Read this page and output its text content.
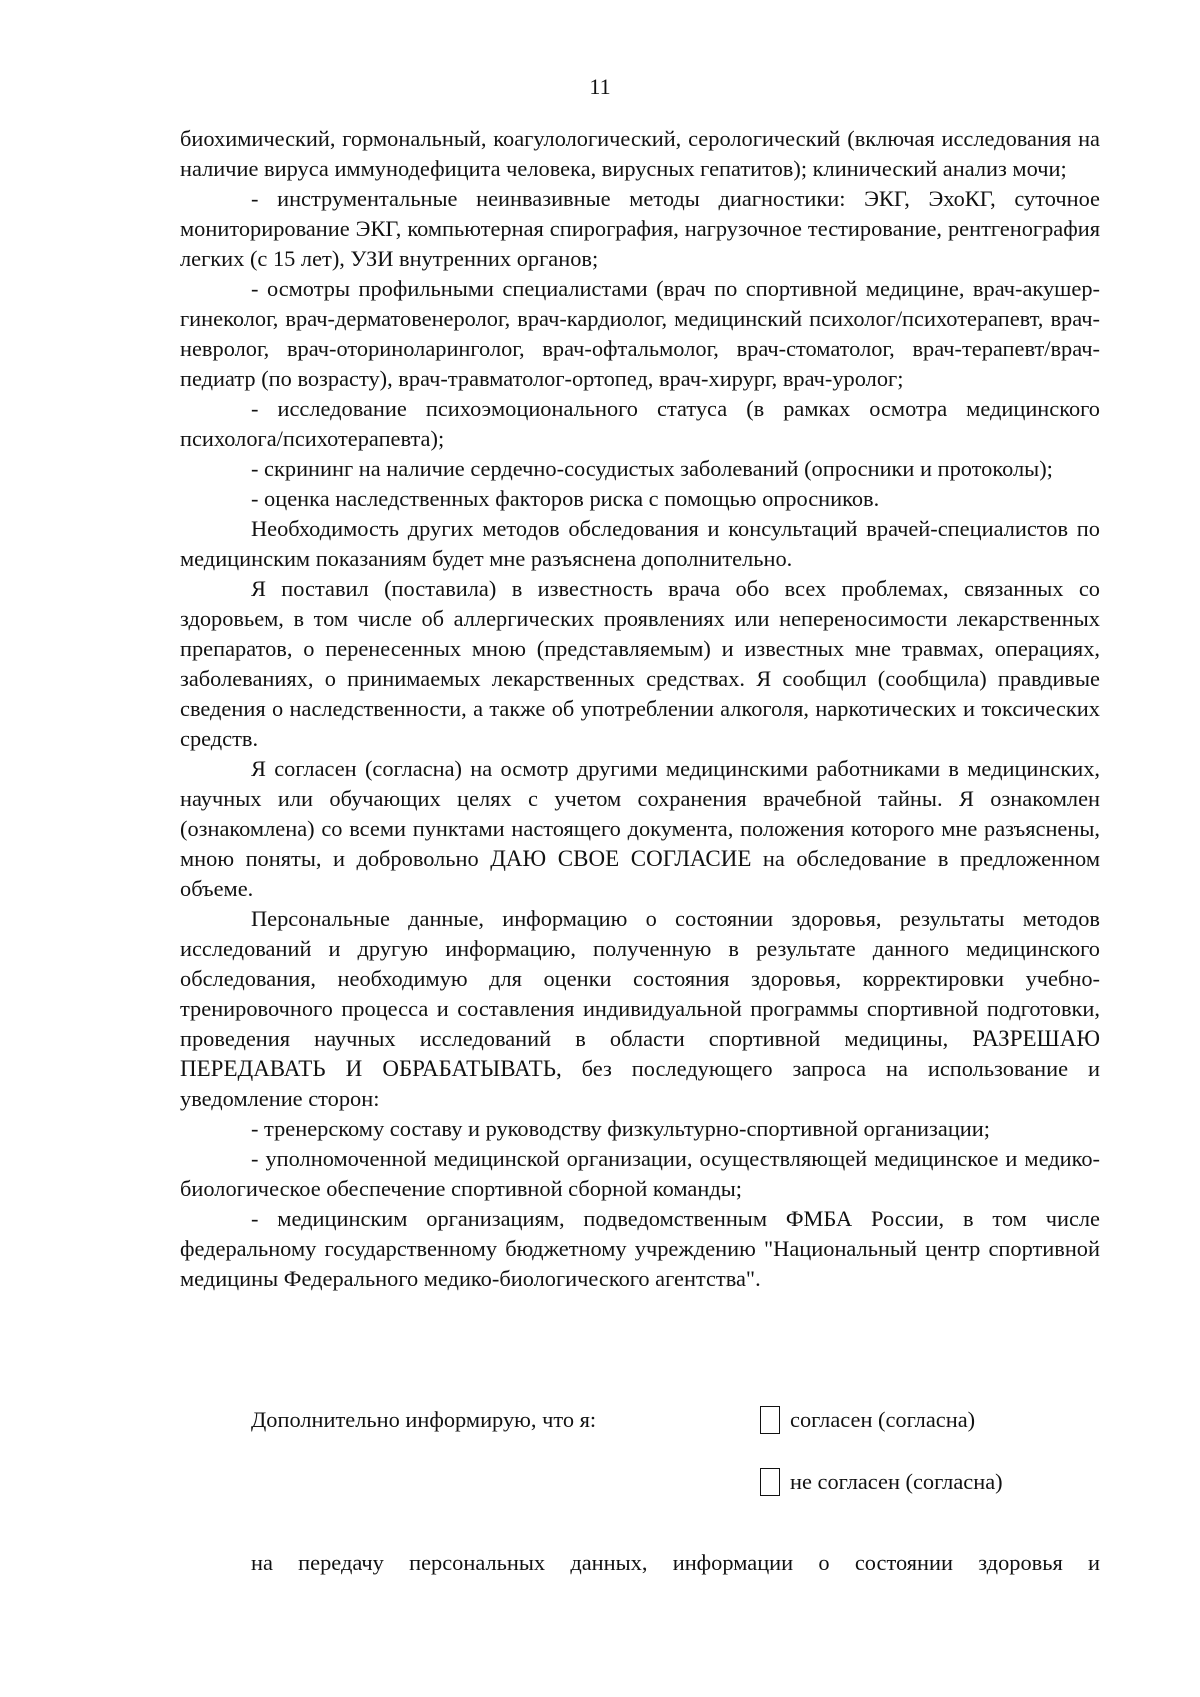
11

биохимический, гормональный, коагулологический, серологический (включая исследования на наличие вируса иммунодефицита человека, вирусных гепатитов); клинический анализ мочи;

- инструментальные неинвазивные методы диагностики: ЭКГ, ЭхоКГ, суточное мониторирование ЭКГ, компьютерная спирография, нагрузочное тестирование, рентгенография легких (с 15 лет), УЗИ внутренних органов;

- осмотры профильными специалистами (врач по спортивной медицине, врач-акушер-гинеколог, врач-дерматовенеролог, врач-кардиолог, медицинский психолог/психотерапевт, врач-невролог, врач-оториноларинголог, врач-офтальмолог, врач-стоматолог, врач-терапевт/врач-педиатр (по возрасту), врач-травматолог-ортопед, врач-хирург, врач-уролог;

- исследование психоэмоционального статуса (в рамках осмотра медицинского психолога/психотерапевта);

- скрининг на наличие сердечно-сосудистых заболеваний (опросники и протоколы);

- оценка наследственных факторов риска с помощью опросников.

Необходимость других методов обследования и консультаций врачей-специалистов по медицинским показаниям будет мне разъяснена дополнительно.

Я поставил (поставила) в известность врача обо всех проблемах, связанных со здоровьем, в том числе об аллергических проявлениях или непереносимости лекарственных препаратов, о перенесенных мною (представляемым) и известных мне травмах, операциях, заболеваниях, о принимаемых лекарственных средствах. Я сообщил (сообщила) правдивые сведения о наследственности, а также об употреблении алкоголя, наркотических и токсических средств.

Я согласен (согласна) на осмотр другими медицинскими работниками в медицинских, научных или обучающих целях с учетом сохранения врачебной тайны. Я ознакомлен (ознакомлена) со всеми пунктами настоящего документа, положения которого мне разъяснены, мною поняты, и добровольно ДАЮ СВОЕ СОГЛАСИЕ на обследование в предложенном объеме.

Персональные данные, информацию о состоянии здоровья, результаты методов исследований и другую информацию, полученную в результате данного медицинского обследования, необходимую для оценки состояния здоровья, корректировки учебно-тренировочного процесса и составления индивидуальной программы спортивной подготовки, проведения научных исследований в области спортивной медицины, РАЗРЕШАЮ ПЕРЕДАВАТЬ И ОБРАБАТЫВАТЬ, без последующего запроса на использование и уведомление сторон:

- тренерскому составу и руководству физкультурно-спортивной организации;

- уполномоченной медицинской организации, осуществляющей медицинское и медико-биологическое обеспечение спортивной сборной команды;

- медицинским организациям, подведомственным ФМБА России, в том числе федеральному государственному бюджетному учреждению "Национальный центр спортивной медицины Федерального медико-биологического агентства".

Дополнительно информирую, что я:	согласен (согласна)
не согласен (согласна)
на передачу персональных данных, информации о состоянии здоровья и
